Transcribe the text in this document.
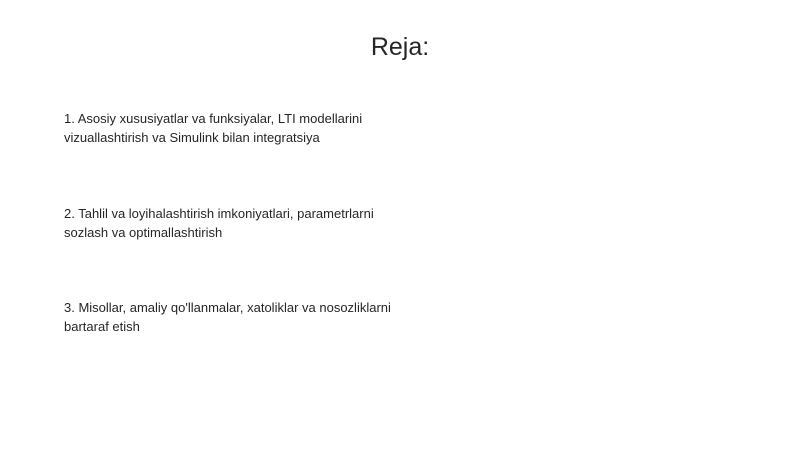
Reja:
1. Asosiy xususiyatlar va funksiyalar, LTI modellarini vizuallashtirish va Simulink bilan integratsiya
2. Tahlil va loyihalashtirish imkoniyatlari, parametrlarni sozlash va optimallashtirish
3. Misollar, amaliy qo'llanmalar, xatoliklar va nosozliklarni bartaraf etish
